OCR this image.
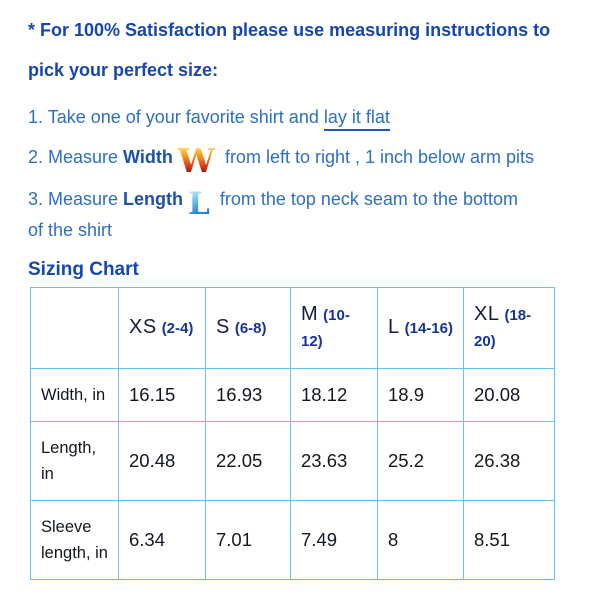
* For 100% Satisfaction please use measuring instructions to pick your perfect size:

1. Take one of your favorite shirt and lay it flat

2. Measure Width W from left to right , 1 inch below arm pits

3. Measure Length L from the top neck seam to the bottom of the shirt

Sizing Chart

	XS (2-4)	S (6-8)	M (10-12)	L (14-16)	XL (18-20)
Width, in	16.15	16.93	18.12	18.9	20.08
Length, in	20.48	22.05	23.63	25.2	26.38
Sleeve length, in	6.34	7.01	7.49	8	8.51
